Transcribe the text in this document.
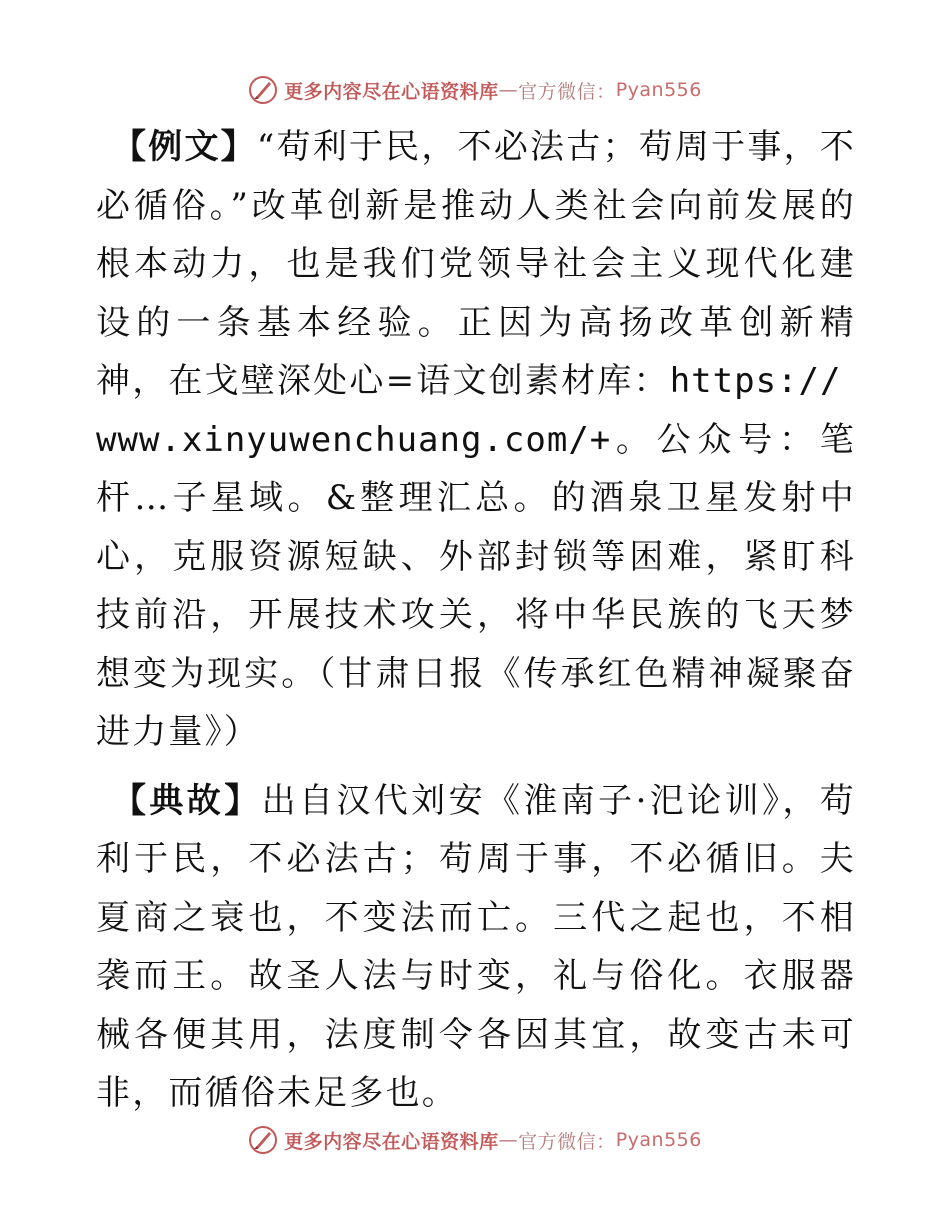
更多内容尽在心语资料库 — 官方微信： Pyan556

【例文】“苟利于民，不必法古；苟周于事，不必循俗。”改革创新是推动人类社会向前发展的根本动力，也是我们党领导社会主义现代化建设的一条基本经验。正因为高扬改革创新精神，在戈壁深处心=语文创素材库：https://
www.xinyuwenchuang.com/+。公众号：笔杆…子星域。&整理汇总。的酒泉卫星发射中心，克服资源短缺、外部封锁等困难，紧盯科技前沿，开展技术攻关，将中华民族的飞天梦想变为现实。（甘肃日报《传承红色精神凝聚奋进力量》）

【典故】出自汉代刘安《淮南子·汜论训》，苟利于民，不必法古；苟周于事，不必循旧。夫夏商之衰也，不变法而亡。三代之起也，不相袭而王。故圣人法与时变，礼与俗化。衣服器械各便其用，法度制令各因其宜，故变古未可非，而循俗未足多也。

更多内容尽在心语资料库 — 官方微信： Pyan556
